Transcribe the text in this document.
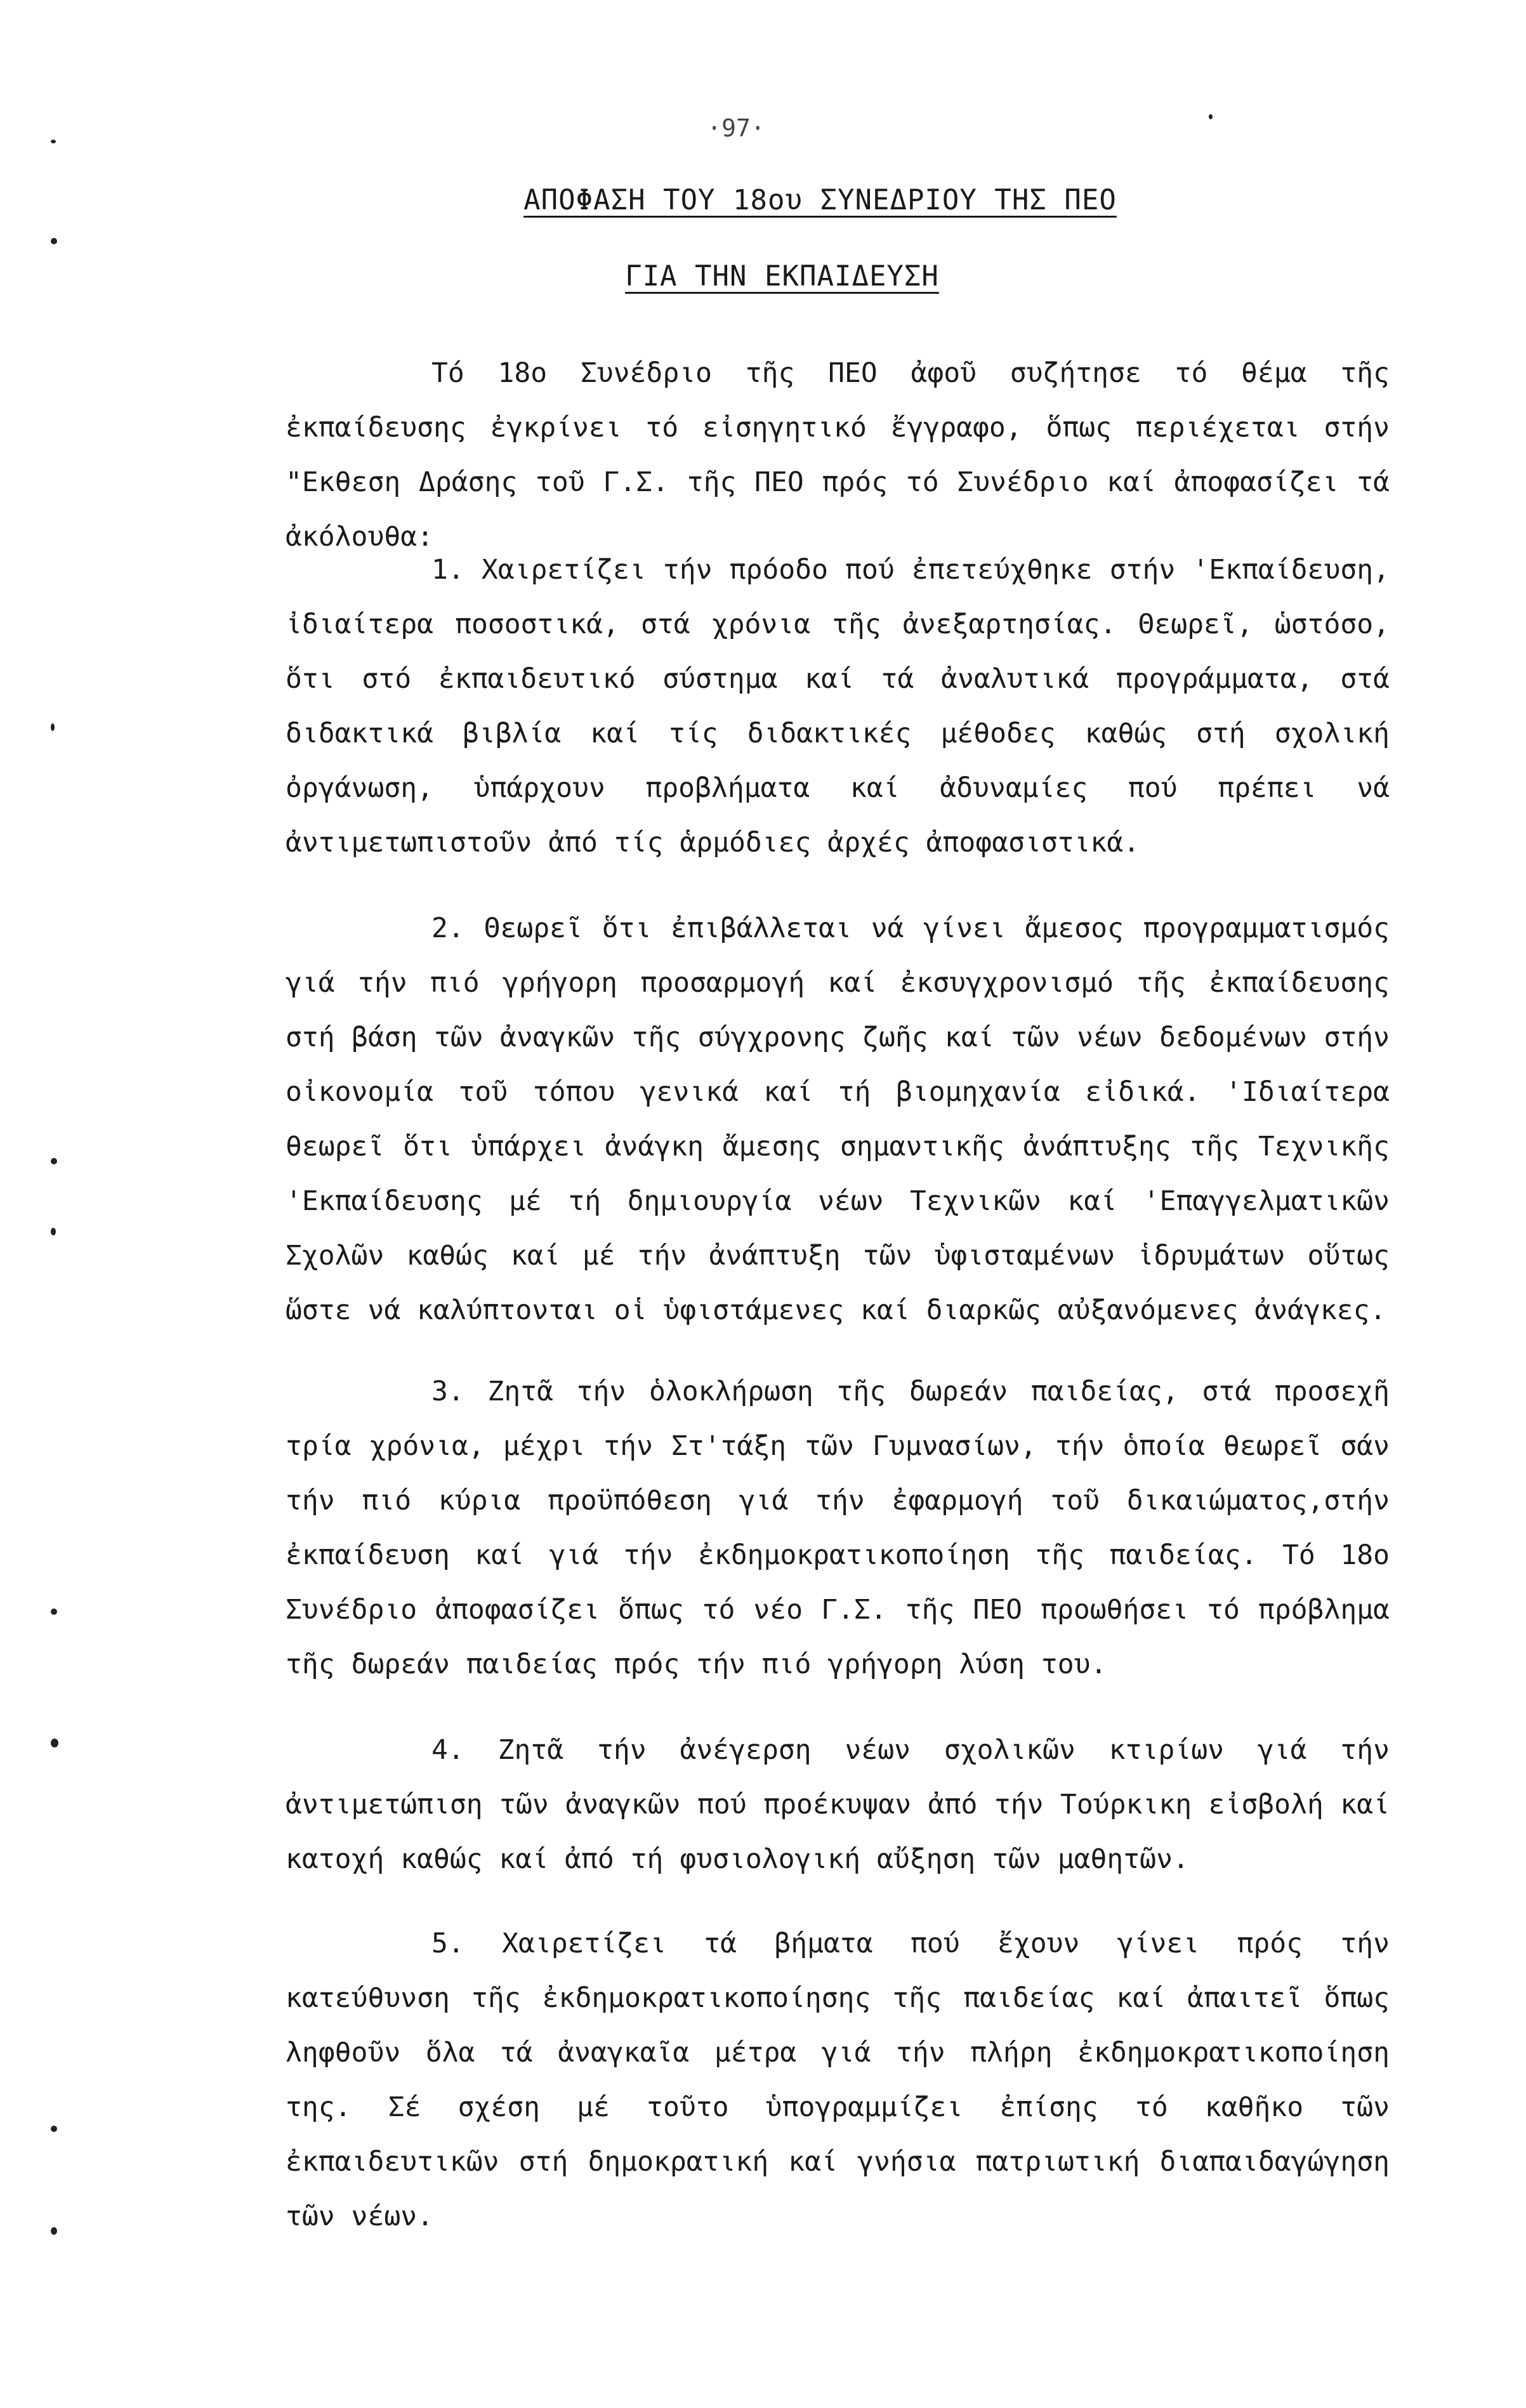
·97·
ΑΠΟΦΑΣΗ ΤΟΥ 18ου ΣΥΝΕΔΡΙΟΥ ΤΗΣ ΠΕΟ
ΓΙΑ ΤΗΝ ΕΚΠΑΙΔΕΥΣΗ
Τό 18ο Συνέδριο τῆς ΠΕΟ ἀφοῦ συζήτησε τό θέμα τῆς ἐκπαίδευσης ἐγκρίνει τό εἰσηγητικό ἔγγραφο, ὅπως περιέχεται στήν "Εκθεση Δράσης τοῦ Γ.Σ. τῆς ΠΕΟ πρός τό Συνέδριο καί ἀποφασίζει τά ἀκόλουθα:
1. Χαιρετίζει τήν πρόοδο πού ἐπετεύχθηκε στήν 'Εκπαίδευση, ἰδιαίτερα ποσοστικά, στά χρόνια τῆς ἀνεξαρτησίας. Θεωρεῖ, ὡστόσο, ὅτι στό ἐκπαιδευτικό σύστημα καί τά ἀναλυτικά προγράμματα, στά διδακτικά βιβλία καί τίς διδακτικές μέθοδες καθώς στή σχολική ὀργάνωση, ὑπάρχουν προβλήματα καί ἀδυναμίες πού πρέπει νά ἀντιμετωπιστοῦν ἀπό τίς ἁρμόδιες ἀρχές ἀποφασιστικά.
2. Θεωρεῖ ὅτι ἐπιβάλλεται νά γίνει ἄμεσος προγραμματισμός γιά τήν πιό γρήγορη προσαρμογή καί ἐκσυγχρονισμό τῆς ἐκπαίδευσης στή βάση τῶν ἀναγκῶν τῆς σύγχρονης ζωῆς καί τῶν νέων δεδομένων στήν οἰκονομία τοῦ τόπου γενικά καί τή βιομηχανία εἰδικά. 'Ιδιαίτερα θεωρεῖ ὅτι ὑπάρχει ἀνάγκη ἄμεσης σημαντικῆς ἀνάπτυξης τῆς Τεχνικῆς 'Εκπαίδευσης μέ τή δημιουργία νέων Τεχνικῶν καί 'Επαγγελματικῶν Σχολῶν καθώς καί μέ τήν ἀνάπτυξη τῶν ὑφισταμένων ἱδρυμάτων οὕτως ὥστε νά καλύπτονται οἱ ὑφιστάμενες καί διαρκῶς αὐξανόμενες ἀνάγκες.
3. Ζητᾶ τήν ὁλοκλήρωση τῆς δωρεάν παιδείας, στά προσεχῆ τρία χρόνια, μέχρι τήν Στ'τάξη τῶν Γυμνασίων, τήν ὁποία θεωρεῖ σάν τήν πιό κύρια προϋπόθεση γιά τήν ἐφαρμογή τοῦ δικαιώματος,στήν ἐκπαίδευση καί γιά τήν ἐκδημοκρατικοποίηση τῆς παιδείας. Τό 18ο Συνέδριο ἀποφασίζει ὅπως τό νέο Γ.Σ. τῆς ΠΕΟ προωθήσει τό πρόβλημα τῆς δωρεάν παιδείας πρός τήν πιό γρήγορη λύση του.
4. Ζητᾶ τήν ἀνέγερση νέων σχολικῶν κτιρίων γιά τήν ἀντιμετώπιση τῶν ἀναγκῶν πού προέκυψαν ἀπό τήν Τούρκικη εἰσβολή καί κατοχή καθώς καί ἀπό τή φυσιολογική αὔξηση τῶν μαθητῶν.
5. Χαιρετίζει τά βήματα πού ἔχουν γίνει πρός τήν κατεύθυνση τῆς ἐκδημοκρατικοποίησης τῆς παιδείας καί ἀπαιτεῖ ὅπως ληφθοῦν ὅλα τά ἀναγκαῖα μέτρα γιά τήν πλήρη ἐκδημοκρατικοποίηση της. Σέ σχέση μέ τοῦτο ὑπογραμμίζει ἐπίσης τό καθῆκο τῶν ἐκπαιδευτικῶν στή δημοκρατική καί γνήσια πατριωτική διαπαιδαγώγηση τῶν νέων.
